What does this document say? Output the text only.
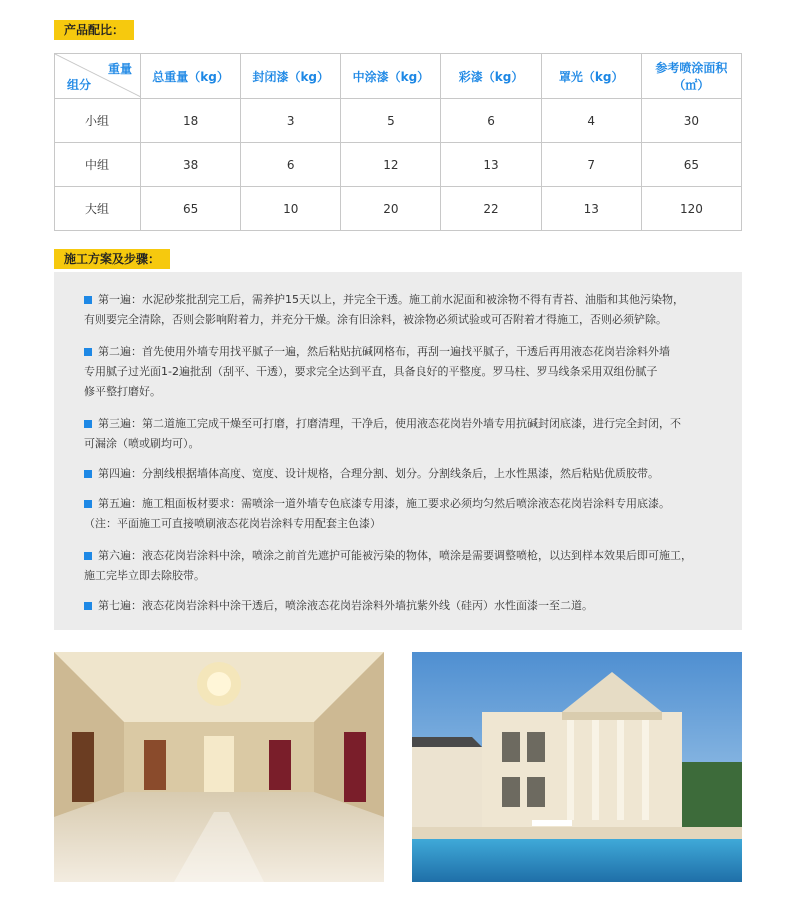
产品配比：
重量
组分	总重量（kg）	封闭漆（kg）	中涂漆（kg）	彩漆（kg）	罩光（kg）	参考喷涂面积（㎡）
小组	18	3	5	6	4	30
中组	38	6	12	13	7	65
大组	65	10	20	22	13	120
施工方案及步骤：
第一遍：水泥砂浆批刮完工后，需养护15天以上，并完全干透。施工前水泥面和被涂物不得有青苔、油脂和其他污染物，
有则要完全清除，否则会影响附着力，并充分干燥。涂有旧涂料，被涂物必须试验或可否附着才得施工，否则必须铲除。
第二遍：首先使用外墙专用找平腻子一遍，然后粘贴抗碱网格布，再刮一遍找平腻子，干透后再用液态花岗岩涂料外墙
专用腻子过光面1-2遍批刮（刮平、干透），要求完全达到平直，具备良好的平整度。罗马柱、罗马线条采用双组份腻子
修平整打磨好。
第三遍：第二道施工完成干燥至可打磨，打磨清理，干净后，使用液态花岗岩外墙专用抗碱封闭底漆，进行完全封闭，不
可漏涂（喷或刷均可）。
第四遍：分割线根据墙体高度、宽度、设计规格，合理分割、划分。分割线条后，上水性黑漆，然后粘贴优质胶带。
第五遍：施工粗面板材要求：需喷涂一道外墙专色底漆专用漆，施工要求必须均匀然后喷涂液态花岗岩涂料专用底漆。
（注：平面施工可直接喷刷液态花岗岩涂料专用配套主色漆）
第六遍：液态花岗岩涂料中涂，喷涂之前首先遮护可能被污染的物体，喷涂是需要调整喷枪，以达到样本效果后即可施工，
施工完毕立即去除胶带。
第七遍：液态花岗岩涂料中涂干透后，喷涂液态花岗岩涂料外墙抗紫外线（硅丙）水性面漆一至二道。
